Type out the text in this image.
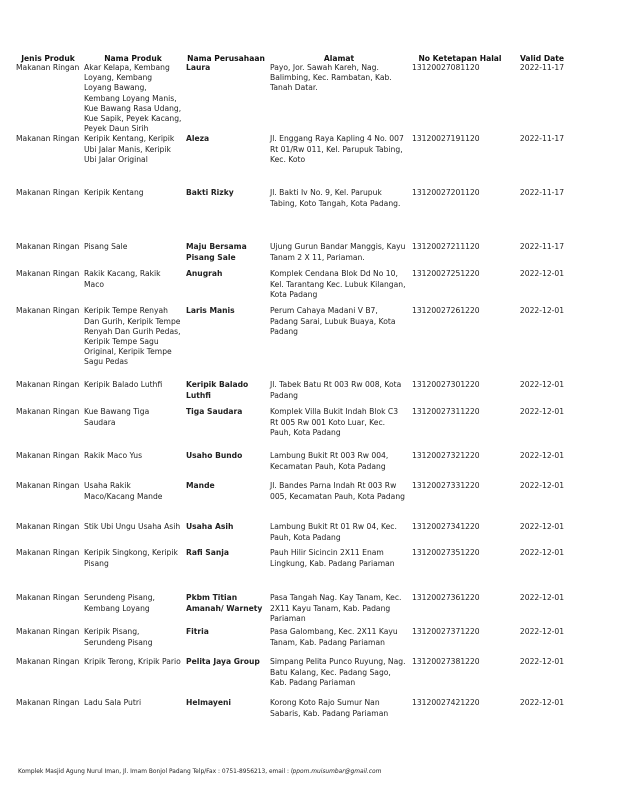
Jenis Produk	Nama Produk	Nama Perusahaan	Alamat	No Ketetapan Halal	Valid Date
Makanan Ringan	Akar Kelapa, Kembang Loyang, Kembang Loyang Bawang, Kembang Loyang Manis, Kue Bawang Rasa Udang, Kue Sapik, Peyek Kacang, Peyek Daun Sirih	Laura	Payo, Jor. Sawah Kareh, Nag. Balimbing, Kec. Rambatan, Kab. Tanah Datar.	13120027081120	2022-11-17
Makanan Ringan	Keripik Kentang, Keripik Ubi Jalar Manis, Keripik Ubi Jalar Original	Aleza	Jl. Enggang Raya Kapling 4 No. 007 Rt 01/Rw 011, Kel. Parupuk Tabing, Kec. Koto	13120027191120	2022-11-17
Makanan Ringan	Keripik Kentang	Bakti Rizky	Jl. Bakti Iv No. 9, Kel. Parupuk Tabing, Koto Tangah, Kota Padang.	13120027201120	2022-11-17
Makanan Ringan	Pisang Sale	Maju Bersama Pisang Sale	Ujung Gurun Bandar Manggis, Kayu Tanam 2 X 11, Pariaman.	13120027211120	2022-11-17
Makanan Ringan	Rakik Kacang, Rakik Maco	Anugrah	Komplek Cendana Blok Dd No 10, Kel. Tarantang Kec. Lubuk Kilangan, Kota Padang	13120027251220	2022-12-01
Makanan Ringan	Keripik Tempe Renyah Dan Gurih, Keripik Tempe Renyah Dan Gurih Pedas, Keripik Tempe Sagu Original, Keripik Tempe Sagu Pedas	Laris Manis	Perum Cahaya Madani V B7, Padang Sarai, Lubuk Buaya, Kota Padang	13120027261220	2022-12-01
Makanan Ringan	Keripik Balado Luthfi	Keripik Balado Luthfi	Jl. Tabek Batu Rt 003 Rw 008, Kota Padang	13120027301220	2022-12-01
Makanan Ringan	Kue Bawang Tiga Saudara	Tiga Saudara	Komplek Villa Bukit Indah Blok C3 Rt 005 Rw 001 Koto Luar, Kec. Pauh, Kota Padang	13120027311220	2022-12-01
Makanan Ringan	Rakik Maco Yus	Usaho Bundo	Lambung Bukit Rt 003 Rw 004, Kecamatan Pauh, Kota Padang	13120027321220	2022-12-01
Makanan Ringan	Usaha Rakik Maco/Kacang Mande	Mande	Jl. Bandes Parna Indah Rt 003 Rw 005, Kecamatan Pauh, Kota Padang	13120027331220	2022-12-01
Makanan Ringan	Stik Ubi Ungu Usaha Asih	Usaha Asih	Lambung Bukit Rt 01 Rw 04, Kec. Pauh, Kota Padang	13120027341220	2022-12-01
Makanan Ringan	Keripik Singkong, Keripik Pisang	Rafi Sanja	Pauh Hilir Sicincin 2X11 Enam Lingkung, Kab. Padang Pariaman	13120027351220	2022-12-01
Makanan Ringan	Serundeng Pisang, Kembang Loyang	Pkbm Titian Amanah/ Warnety	Pasa Tangah Nag. Kay Tanam, Kec. 2X11 Kayu Tanam, Kab. Padang Pariaman	13120027361220	2022-12-01
Makanan Ringan	Keripik Pisang, Serundeng Pisang	Fitria	Pasa Galombang, Kec. 2X11 Kayu Tanam, Kab. Padang Pariaman	13120027371220	2022-12-01
Makanan Ringan	Kripik Terong, Kripik Pario	Pelita Jaya Group	Simpang Pelita Punco Ruyung, Nag. Batu Kalang, Kec. Padang Sago, Kab. Padang Pariaman	13120027381220	2022-12-01
Makanan Ringan	Ladu Sala Putri	Helmayeni	Korong Koto Rajo Sumur Nan Sabaris, Kab. Padang Pariaman	13120027421220	2022-12-01
Komplek Masjid Agung Nurul Iman, Jl. Imam Bonjol Padang Telp/Fax : 0751-8956213, email : lppom.muisumbar@gmail.com
